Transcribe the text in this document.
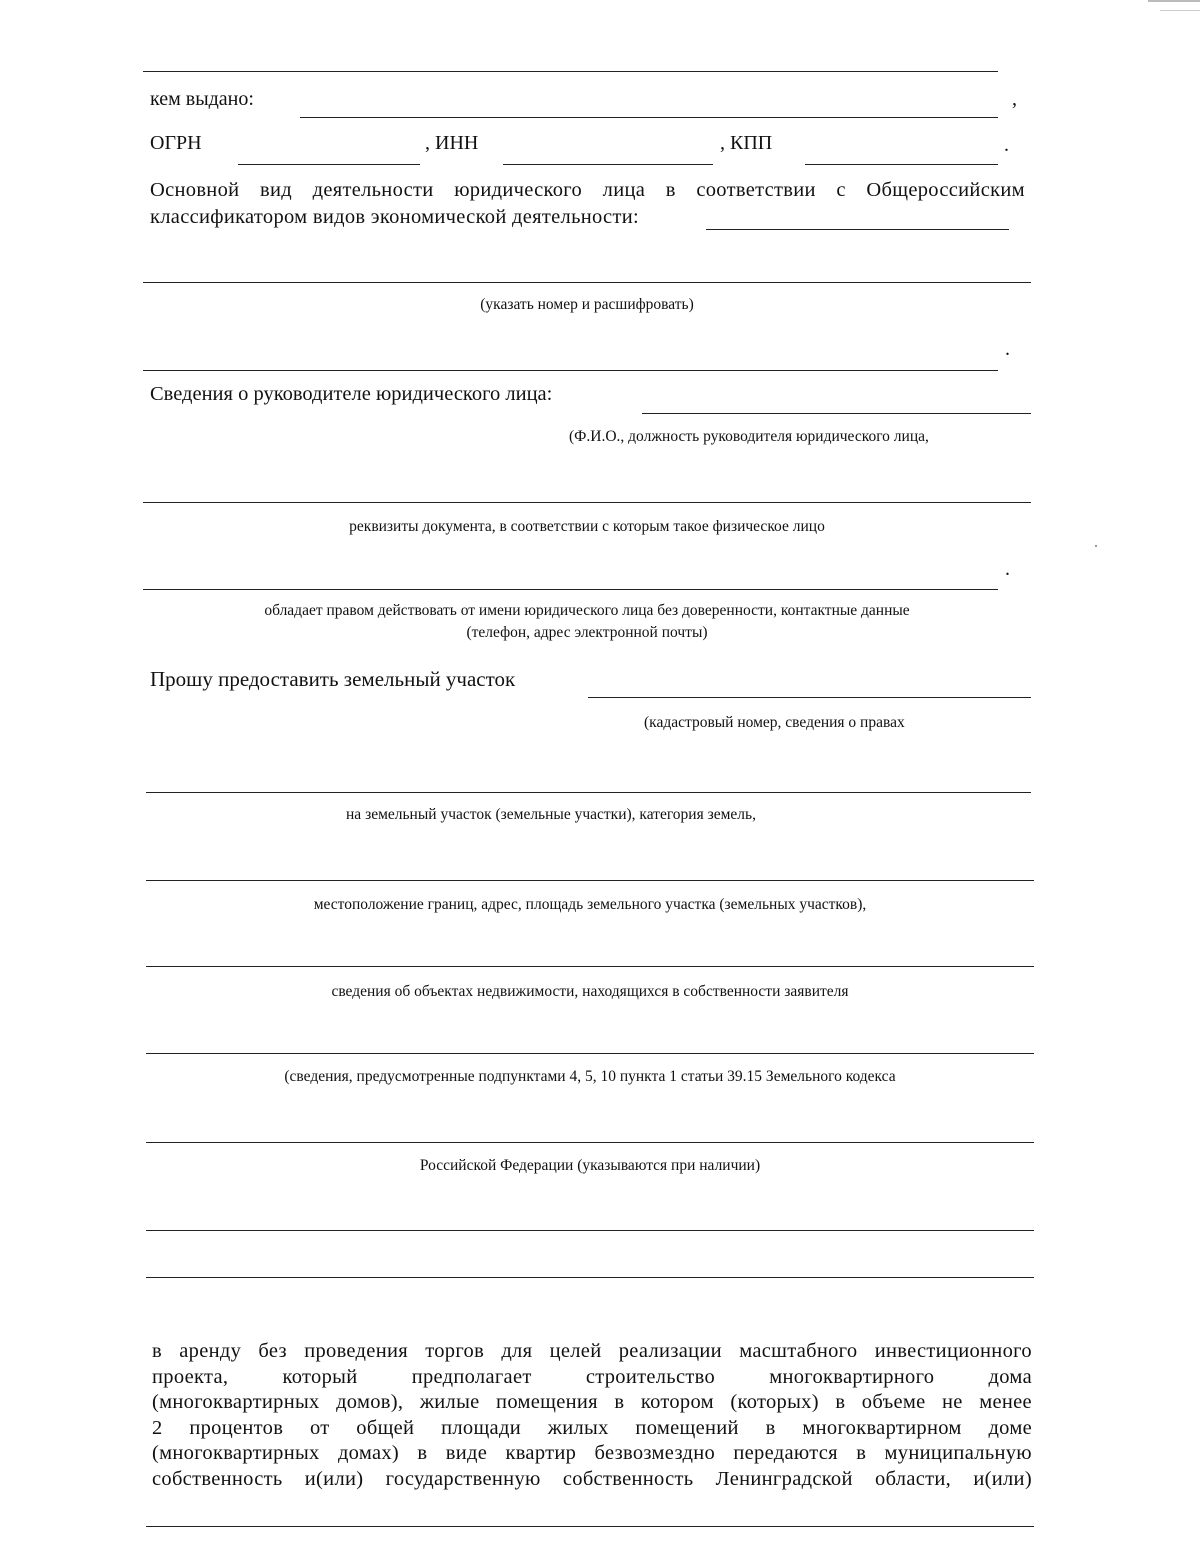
кем выдано:	,
ОГРН	, ИНН	, КПП	.
Основной вид деятельности юридического лица в соответствии с Общероссийским
классификатором видов экономической деятельности:
(указать номер и расшифровать)
.
Сведения о руководителе юридического лица:
(Ф.И.О., должность руководителя юридического лица,
реквизиты документа, в соответствии с которым такое физическое лицо
.
обладает правом действовать от имени юридического лица без доверенности, контактные данные
(телефон, адрес электронной почты)
Прошу предоставить земельный участок
(кадастровый номер, сведения о правах
на земельный участок (земельные участки), категория земель,
местоположение границ, адрес, площадь земельного участка (земельных участков),
сведения об объектах недвижимости, находящихся в собственности заявителя
(сведения, предусмотренные подпунктами 4, 5, 10 пункта 1 статьи 39.15 Земельного кодекса
Российской Федерации (указываются при наличии)
в аренду без проведения торгов для целей реализации масштабного инвестиционного
проекта,	который	предполагает	строительство	многоквартирного	дома
(многоквартирных домов), жилые помещения в котором (которых) в объеме не менее
2 процентов от общей площади жилых помещений в многоквартирном доме
(многоквартирных домах) в виде квартир безвозмездно передаются в муниципальную
собственность и(или) государственную собственность Ленинградской области, и(или)
